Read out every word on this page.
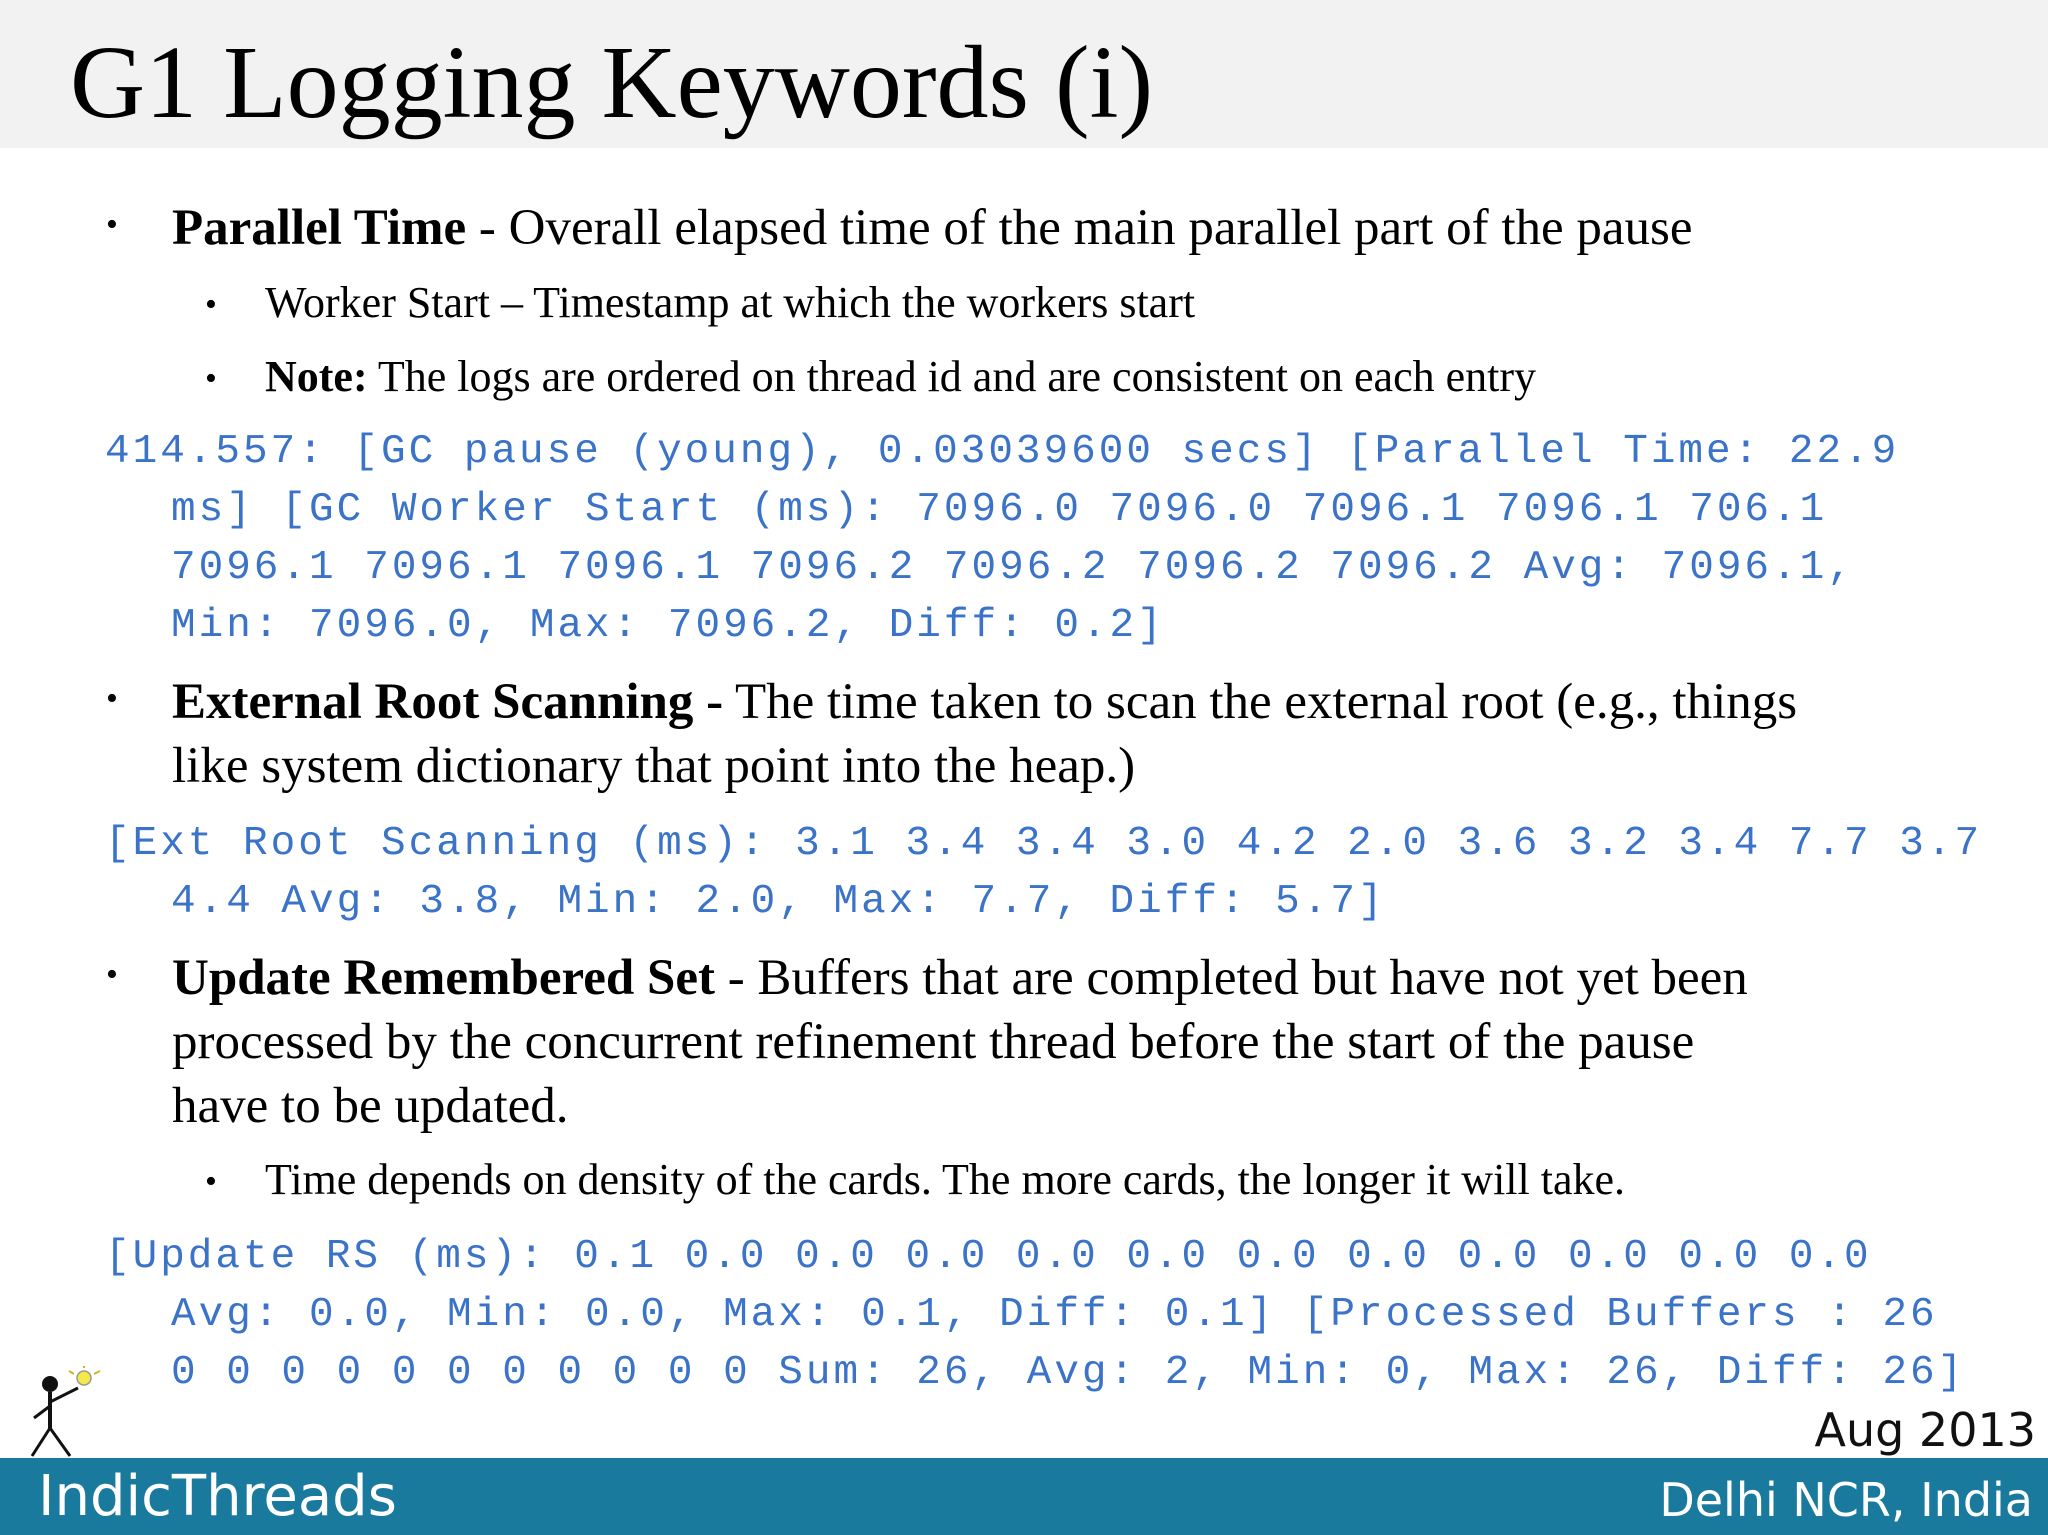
G1 Logging Keywords (i)
• Parallel Time - Overall elapsed time of the main parallel part of the pause
• Worker Start – Timestamp at which the workers start
• Note: The logs are ordered on thread id and are consistent on each entry
414.557: [GC pause (young), 0.03039600 secs] [Parallel Time: 22.9
ms] [GC Worker Start (ms): 7096.0 7096.0 7096.1 7096.1 706.1
7096.1 7096.1 7096.1 7096.2 7096.2 7096.2 7096.2 Avg: 7096.1,
Min: 7096.0, Max: 7096.2, Diff: 0.2]
• External Root Scanning - The time taken to scan the external root (e.g., things
like system dictionary that point into the heap.)
[Ext Root Scanning (ms): 3.1 3.4 3.4 3.0 4.2 2.0 3.6 3.2 3.4 7.7 3.7
4.4 Avg: 3.8, Min: 2.0, Max: 7.7, Diff: 5.7]
• Update Remembered Set - Buffers that are completed but have not yet been
processed by the concurrent refinement thread before the start of the pause
have to be updated.
• Time depends on density of the cards. The more cards, the longer it will take.
[Update RS (ms): 0.1 0.0 0.0 0.0 0.0 0.0 0.0 0.0 0.0 0.0 0.0 0.0
Avg: 0.0, Min: 0.0, Max: 0.1, Diff: 0.1] [Processed Buffers : 26
0 0 0 0 0 0 0 0 0 0 0 Sum: 26, Avg: 2, Min: 0, Max: 26, Diff: 26]
Aug 2013
IndicThreads	Delhi NCR, India
